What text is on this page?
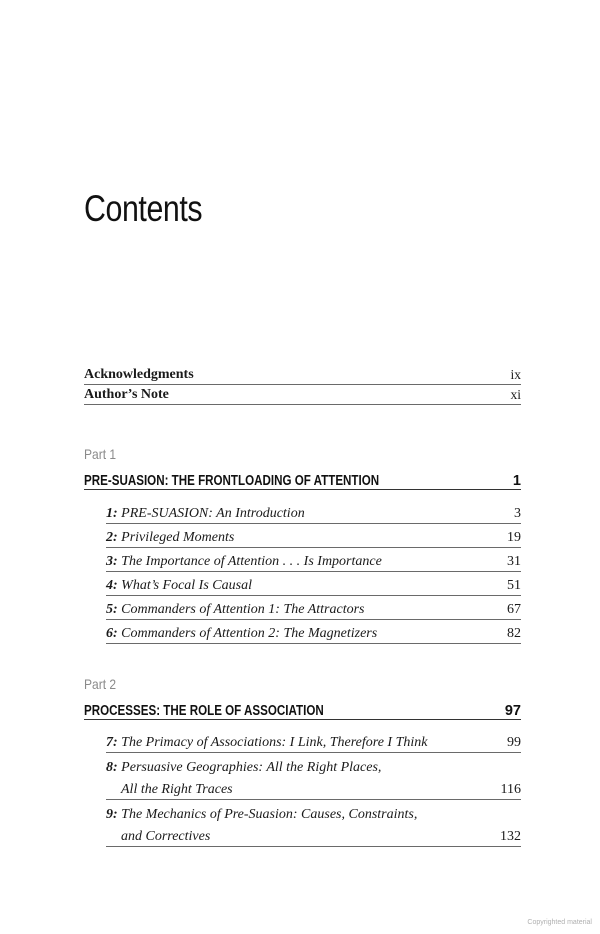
Contents
Acknowledgments	ix
Author’s Note	xi
Part 1
PRE-SUASION: THE FRONTLOADING OF ATTENTION	1
1: PRE-SUASION: An Introduction	3
2: Privileged Moments	19
3: The Importance of Attention . . . Is Importance	31
4: What’s Focal Is Causal	51
5: Commanders of Attention 1: The Attractors	67
6: Commanders of Attention 2: The Magnetizers	82
Part 2
PROCESSES: THE ROLE OF ASSOCIATION	97
7: The Primacy of Associations: I Link, Therefore I Think	99
8: Persuasive Geographies: All the Right Places,
All the Right Traces	116
9: The Mechanics of Pre-Suasion: Causes, Constraints,
and Correctives	132
Copyrighted material
